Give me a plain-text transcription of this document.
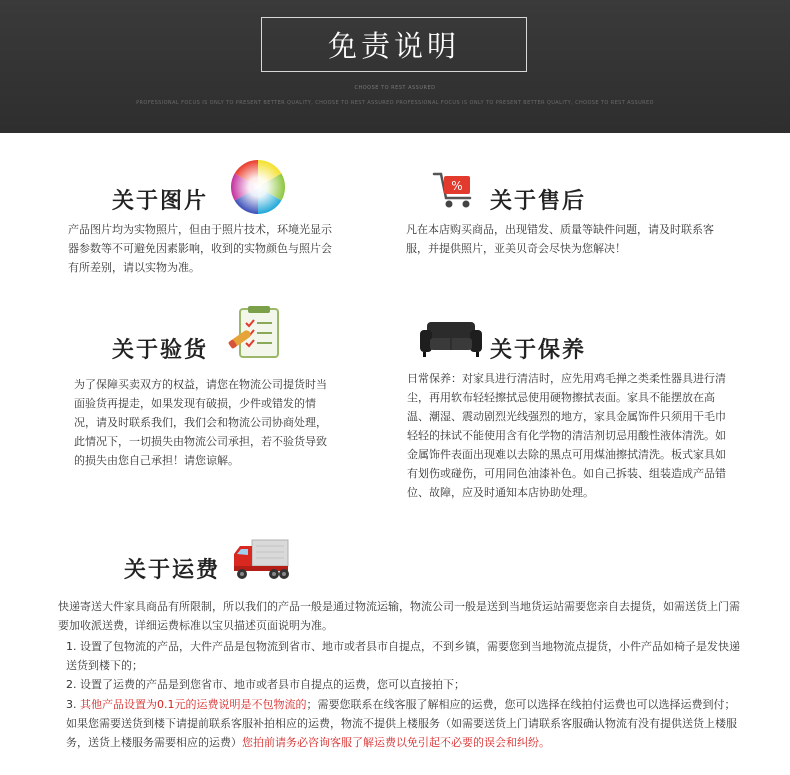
免责说明
CHOOSE TO REST ASSURED
PROFESSIONAL FOCUS IS ONLY TO PRESENT BETTER QUALITY, CHOOSE TO REST ASSURED PROFESSIONAL FOCUS IS ONLY TO PRESENT BETTER QUALITY, CHOOSE TO REST ASSURED
关于图片
产品图片均为实物照片，但由于照片技术，环境光显示器参数等不可避免因素影响，收到的实物颜色与照片会有所差别，请以实物为准。
%
关于售后
凡在本店购买商品，出现错发、质量等缺件问题，请及时联系客服，并提供照片，亚美贝奇会尽快为您解决！
关于验货
为了保障买卖双方的权益，请您在物流公司提货时当面验货再提走，如果发现有破损，少件或错发的情况，请及时联系我们，我们会和物流公司协商处理，此情况下，一切损失由物流公司承担，若不验货导致的损失由您自己承担！请您谅解。
关于保养
日常保养：对家具进行清洁时，应先用鸡毛掸之类柔性器具进行清尘，再用软布轻轻擦拭忌使用硬物擦拭表面。家具不能摆放在高温、潮湿、震动剧烈光线强烈的地方，家具金属饰件只须用干毛巾轻轻的抹试不能使用含有化学物的清洁剂切忌用酸性液体清洗。如金属饰件表面出现难以去除的黑点可用煤油擦拭清洗。板式家具如有划伤或碰伤，可用同色油漆补色。如自己拆装、组装造成产品错位、故障，应及时通知本店协助处理。
关于运费
快递寄送大件家具商品有所限制，所以我们的产品一般是通过物流运输，物流公司一般是送到当地货运站需要您亲自去提货，如需送货上门需要加收派送费，详细运费标准以宝贝描述页面说明为准。
1. 设置了包物流的产品，大件产品是包物流到省市、地市或者县市自提点，不到乡镇，需要您到当地物流点提货，小件产品如椅子是发快递送货到楼下的；
2. 设置了运费的产品是到您省市、地市或者县市自提点的运费，您可以直接拍下；
3. 其他产品设置为0.1元的运费说明是不包物流的；需要您联系在线客服了解相应的运费，您可以选择在线拍付运费也可以选择运费到付；如果您需要送货到楼下请提前联系客服补拍相应的运费，物流不提供上楼服务（如需要送货上门请联系客服确认物流有没有提供送货上楼服务，送货上楼服务需要相应的运费）您拍前请务必咨询客服了解运费以免引起不必要的误会和纠纷。
